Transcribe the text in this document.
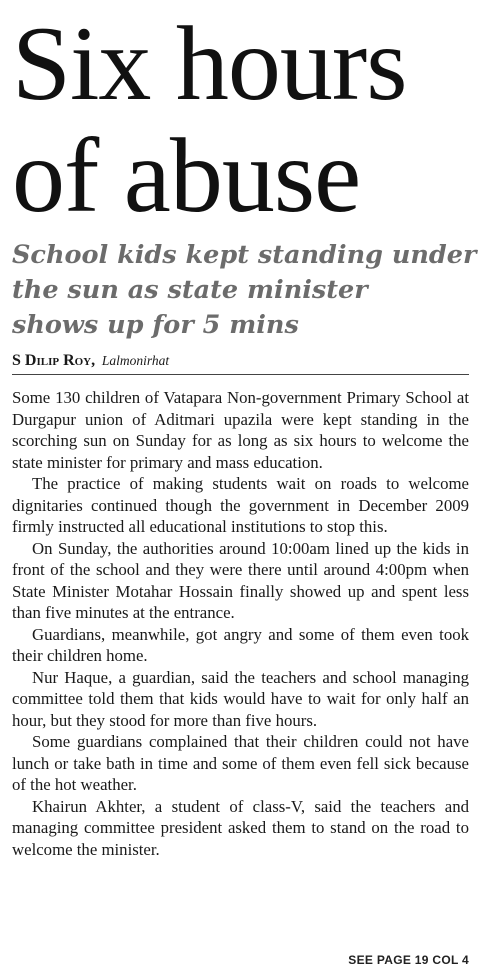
Six hours
of abuse
School kids kept standing under
the sun as state minister
shows up for 5 mins
S Dilip Roy, Lalmonirhat

Some 130 children of Vatapara Non-government Primary School at Durgapur union of Aditmari upazila were kept standing in the scorching sun on Sunday for as long as six hours to welcome the state minister for primary and mass education.

The practice of making students wait on roads to welcome dignitaries continued though the government in December 2009 firmly instructed all educational institutions to stop this.

On Sunday, the authorities around 10:00am lined up the kids in front of the school and they were there until around 4:00pm when State Minister Motahar Hossain finally showed up and spent less than five minutes at the entrance.

Guardians, meanwhile, got angry and some of them even took their children home.

Nur Haque, a guardian, said the teachers and school managing committee told them that kids would have to wait for only half an hour, but they stood for more than five hours.

Some guardians complained that their children could not have lunch or take bath in time and some of them even fell sick because of the hot weather.

Khairun Akhter, a student of class-V, said the teachers and managing committee president asked them to stand on the road to welcome the minister.

SEE PAGE 19 COL 4
